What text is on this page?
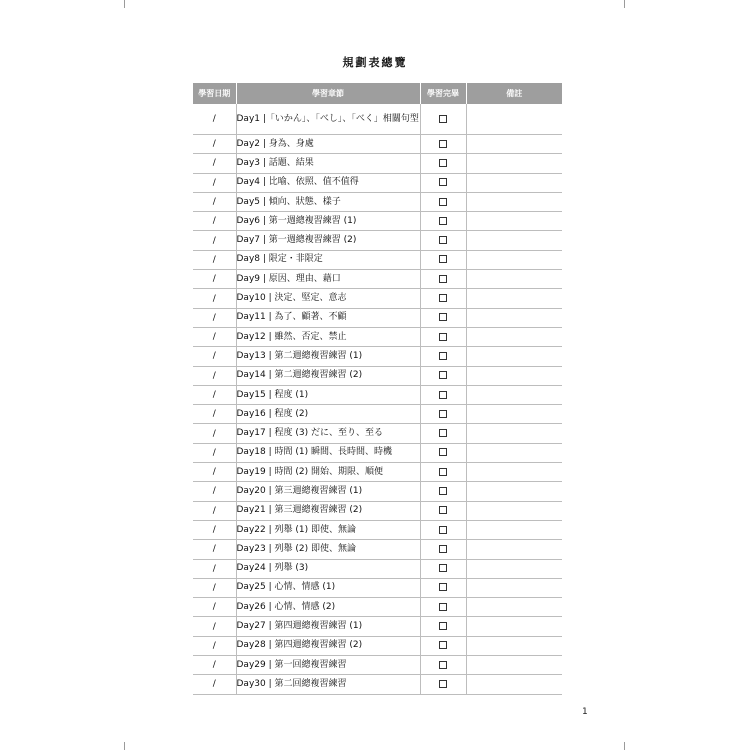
規劃表總覽
學習日期	學習章節	學習完畢	備註
/	Day1 |「いかん」、「べし」、「べく」相關句型		
/	Day2 | 身為、身處		
/	Day3 | 話題、結果		
/	Day4 | 比喻、依照、值不值得		
/	Day5 | 傾向、狀態、樣子		
/	Day6 | 第一週總複習練習 (1)		
/	Day7 | 第一週總複習練習 (2)		
/	Day8 | 限定・非限定		
/	Day9 | 原因、理由、藉口		
/	Day10 | 決定、堅定、意志		
/	Day11 | 為了、顧著、不顧		
/	Day12 | 雖然、否定、禁止		
/	Day13 | 第二週總複習練習 (1)		
/	Day14 | 第二週總複習練習 (2)		
/	Day15 | 程度 (1)		
/	Day16 | 程度 (2)		
/	Day17 | 程度 (3) だに、至り、至る		
/	Day18 | 時間 (1) 瞬間、長時間、時機		
/	Day19 | 時間 (2) 開始、期限、順便		
/	Day20 | 第三週總複習練習 (1)		
/	Day21 | 第三週總複習練習 (2)		
/	Day22 | 列舉 (1) 即使、無論		
/	Day23 | 列舉 (2) 即使、無論		
/	Day24 | 列舉 (3)		
/	Day25 | 心情、情感 (1)		
/	Day26 | 心情、情感 (2)		
/	Day27 | 第四週總複習練習 (1)		
/	Day28 | 第四週總複習練習 (2)		
/	Day29 | 第一回總複習練習		
/	Day30 | 第二回總複習練習		
1
